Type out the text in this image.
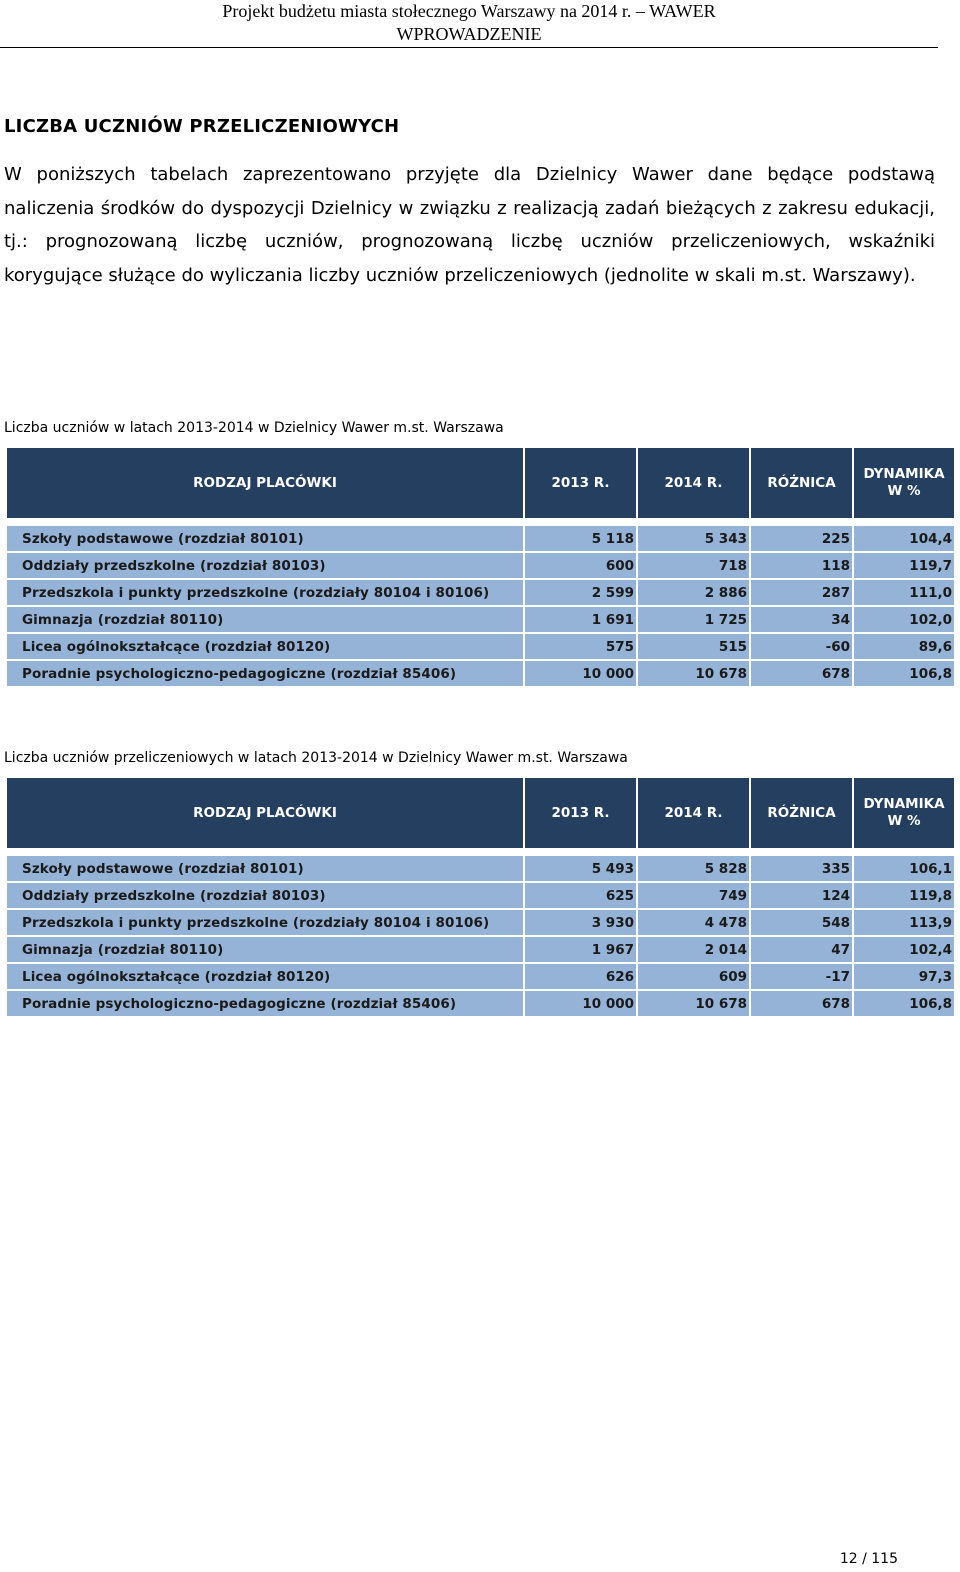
Projekt budżetu miasta stołecznego Warszawy na 2014 r. – WAWER
WPROWADZENIE
LICZBA UCZNIÓW PRZELICZENIOWYCH
W poniższych tabelach zaprezentowano przyjęte dla Dzielnicy Wawer dane będące podstawą naliczenia środków do dyspozycji Dzielnicy w związku z realizacją zadań bieżących z zakresu edukacji, tj.: prognozowaną liczbę uczniów, prognozowaną liczbę uczniów przeliczeniowych, wskaźniki korygujące służące do wyliczania liczby uczniów przeliczeniowych (jednolite w skali m.st. Warszawy).
Liczba uczniów w latach 2013-2014 w Dzielnicy Wawer m.st. Warszawa
RODZAJ PLACÓWKI	2013 R.	2014 R.	RÓŻNICA	DYNAMIKA
W %

Szkoły podstawowe (rozdział 80101)	5 118	5 343	225	104,4
Oddziały przedszkolne (rozdział 80103)	600	718	118	119,7
Przedszkola i punkty przedszkolne (rozdziały 80104 i 80106)	2 599	2 886	287	111,0
Gimnazja (rozdział 80110)	1 691	1 725	34	102,0
Licea ogólnokształcące (rozdział 80120)	575	515	-60	89,6
Poradnie psychologiczno-pedagogiczne (rozdział 85406)	10 000	10 678	678	106,8
Liczba uczniów przeliczeniowych w latach 2013-2014 w Dzielnicy Wawer m.st. Warszawa
RODZAJ PLACÓWKI	2013 R.	2014 R.	RÓŻNICA	DYNAMIKA
W %

Szkoły podstawowe (rozdział 80101)	5 493	5 828	335	106,1
Oddziały przedszkolne (rozdział 80103)	625	749	124	119,8
Przedszkola i punkty przedszkolne (rozdziały 80104 i 80106)	3 930	4 478	548	113,9
Gimnazja (rozdział 80110)	1 967	2 014	47	102,4
Licea ogólnokształcące (rozdział 80120)	626	609	-17	97,3
Poradnie psychologiczno-pedagogiczne (rozdział 85406)	10 000	10 678	678	106,8
12 / 115
